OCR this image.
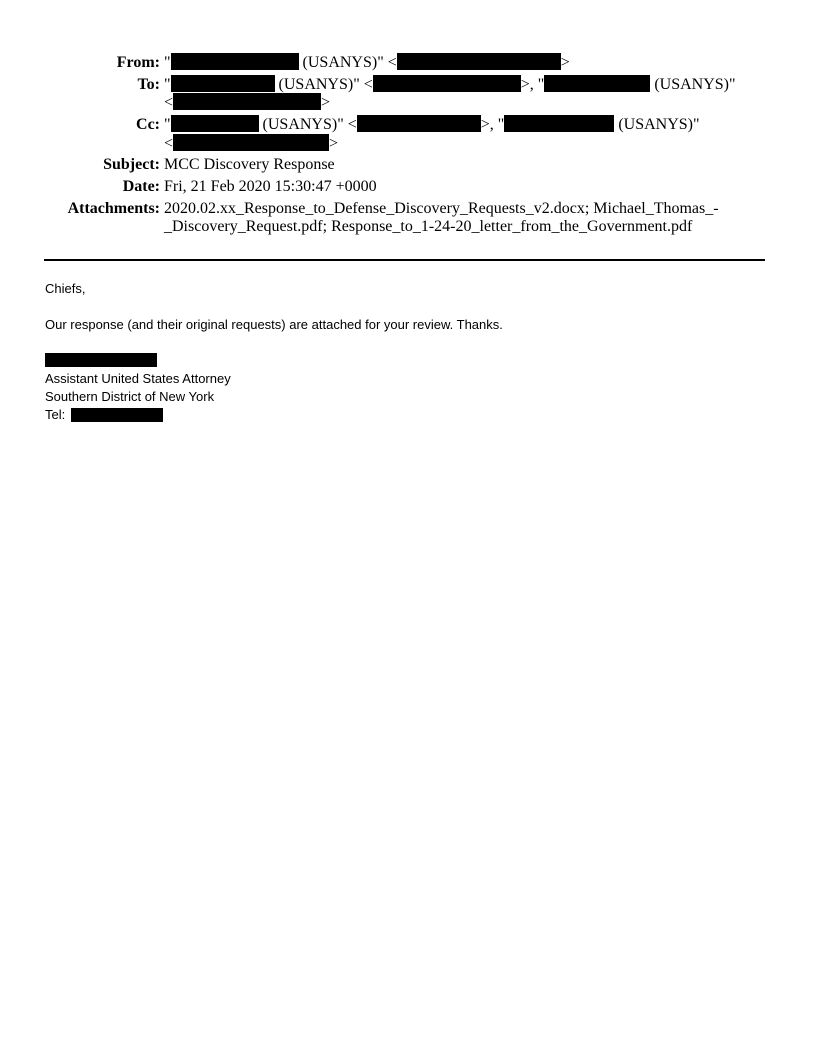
From: "	(USANYS)" <	>
To: "	(USANYS)" <	>, "	(USANYS)"
<	>
Cc: "	(USANYS)" <	>, "	(USANYS)"
<	>
Subject: MCC Discovery Response
Date: Fri, 21 Feb 2020 15:30:47 +0000
Attachments: 2020.02.xx_Response_to_Defense_Discovery_Requests_v2.docx; Michael_Thomas_-
_Discovery_Request.pdf; Response_to_1-24-20_letter_from_the_Government.pdf

Chiefs,

Our response (and their original requests) are attached for your review. Thanks.

Assistant United States Attorney

Southern District of New York

Tel:
